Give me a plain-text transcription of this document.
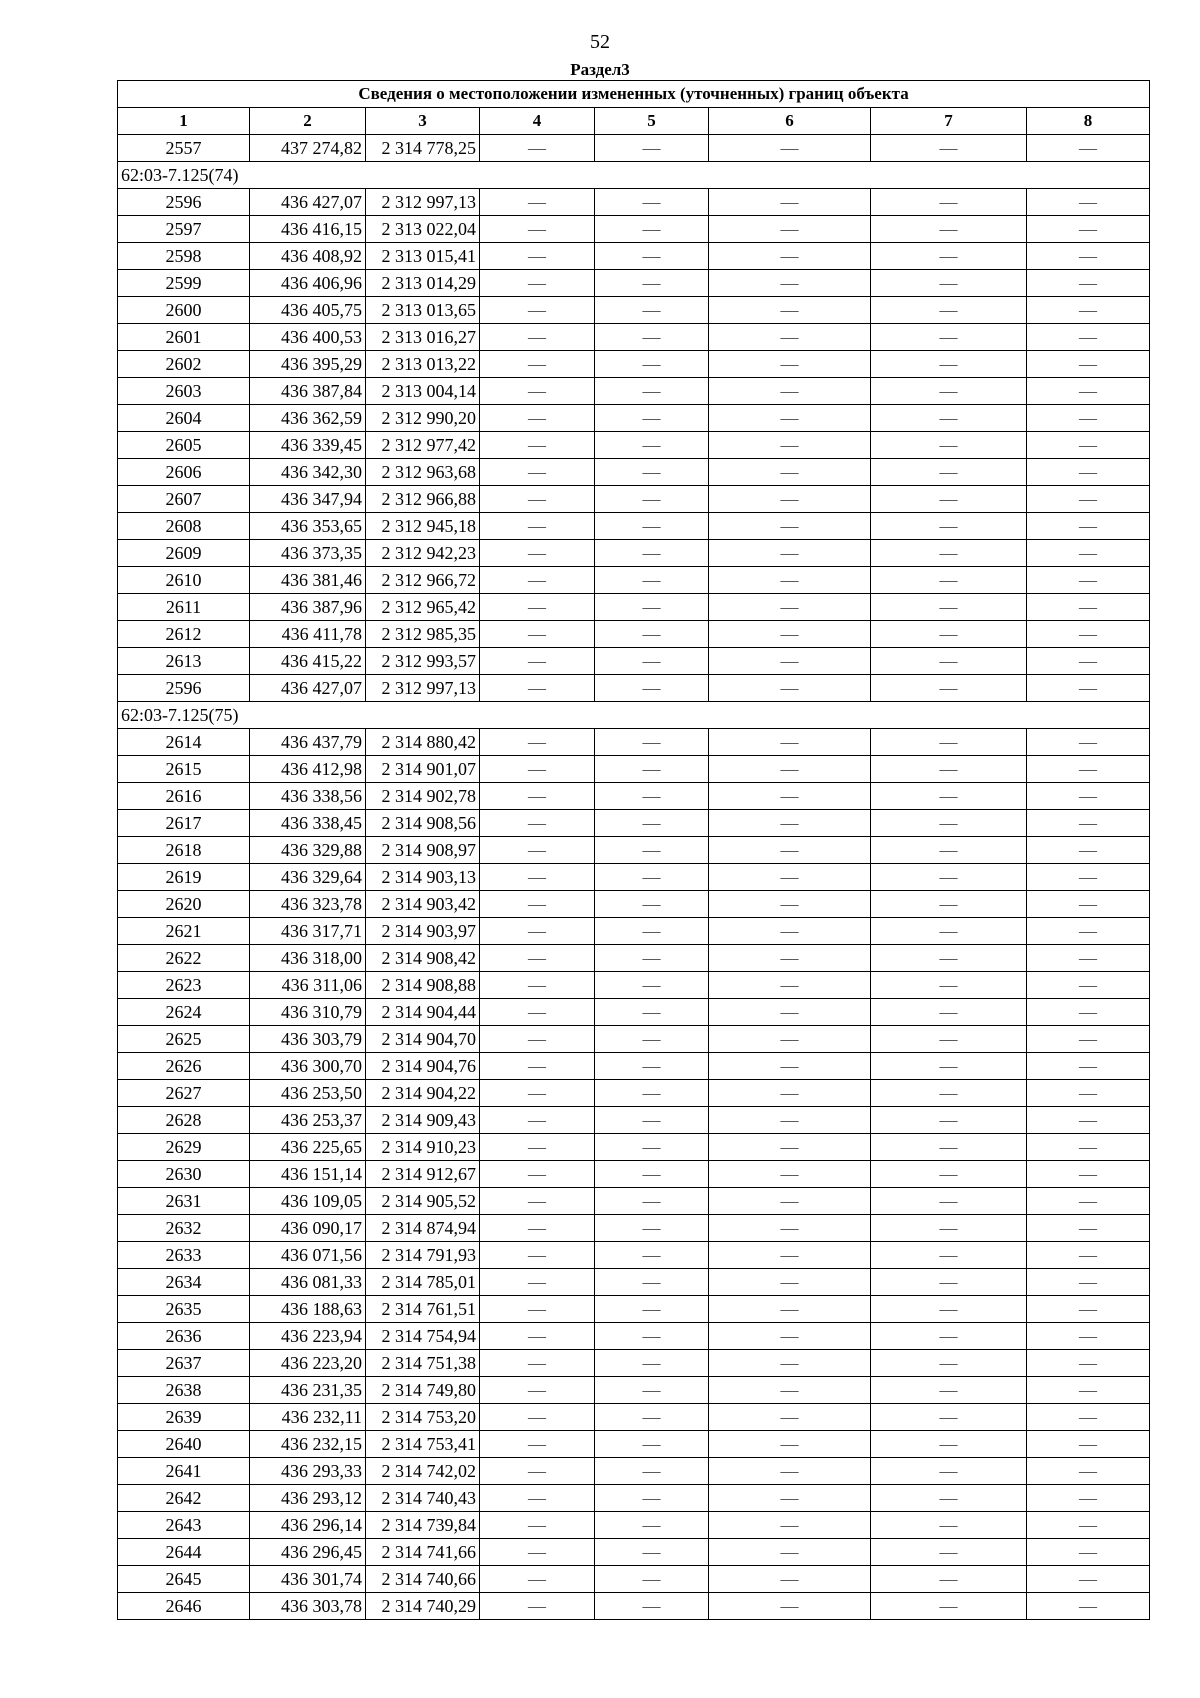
52
Раздел3
Сведения о местоположении измененных (уточненных) границ объекта							
1	2	3	4	5	6	7	8
2557	437 274,82	2 314 778,25	—	—	—	—	—
62:03-7.125(74)							
2596	436 427,07	2 312 997,13	—	—	—	—	—
2597	436 416,15	2 313 022,04	—	—	—	—	—
2598	436 408,92	2 313 015,41	—	—	—	—	—
2599	436 406,96	2 313 014,29	—	—	—	—	—
2600	436 405,75	2 313 013,65	—	—	—	—	—
2601	436 400,53	2 313 016,27	—	—	—	—	—
2602	436 395,29	2 313 013,22	—	—	—	—	—
2603	436 387,84	2 313 004,14	—	—	—	—	—
2604	436 362,59	2 312 990,20	—	—	—	—	—
2605	436 339,45	2 312 977,42	—	—	—	—	—
2606	436 342,30	2 312 963,68	—	—	—	—	—
2607	436 347,94	2 312 966,88	—	—	—	—	—
2608	436 353,65	2 312 945,18	—	—	—	—	—
2609	436 373,35	2 312 942,23	—	—	—	—	—
2610	436 381,46	2 312 966,72	—	—	—	—	—
2611	436 387,96	2 312 965,42	—	—	—	—	—
2612	436 411,78	2 312 985,35	—	—	—	—	—
2613	436 415,22	2 312 993,57	—	—	—	—	—
2596	436 427,07	2 312 997,13	—	—	—	—	—
62:03-7.125(75)							
2614	436 437,79	2 314 880,42	—	—	—	—	—
2615	436 412,98	2 314 901,07	—	—	—	—	—
2616	436 338,56	2 314 902,78	—	—	—	—	—
2617	436 338,45	2 314 908,56	—	—	—	—	—
2618	436 329,88	2 314 908,97	—	—	—	—	—
2619	436 329,64	2 314 903,13	—	—	—	—	—
2620	436 323,78	2 314 903,42	—	—	—	—	—
2621	436 317,71	2 314 903,97	—	—	—	—	—
2622	436 318,00	2 314 908,42	—	—	—	—	—
2623	436 311,06	2 314 908,88	—	—	—	—	—
2624	436 310,79	2 314 904,44	—	—	—	—	—
2625	436 303,79	2 314 904,70	—	—	—	—	—
2626	436 300,70	2 314 904,76	—	—	—	—	—
2627	436 253,50	2 314 904,22	—	—	—	—	—
2628	436 253,37	2 314 909,43	—	—	—	—	—
2629	436 225,65	2 314 910,23	—	—	—	—	—
2630	436 151,14	2 314 912,67	—	—	—	—	—
2631	436 109,05	2 314 905,52	—	—	—	—	—
2632	436 090,17	2 314 874,94	—	—	—	—	—
2633	436 071,56	2 314 791,93	—	—	—	—	—
2634	436 081,33	2 314 785,01	—	—	—	—	—
2635	436 188,63	2 314 761,51	—	—	—	—	—
2636	436 223,94	2 314 754,94	—	—	—	—	—
2637	436 223,20	2 314 751,38	—	—	—	—	—
2638	436 231,35	2 314 749,80	—	—	—	—	—
2639	436 232,11	2 314 753,20	—	—	—	—	—
2640	436 232,15	2 314 753,41	—	—	—	—	—
2641	436 293,33	2 314 742,02	—	—	—	—	—
2642	436 293,12	2 314 740,43	—	—	—	—	—
2643	436 296,14	2 314 739,84	—	—	—	—	—
2644	436 296,45	2 314 741,66	—	—	—	—	—
2645	436 301,74	2 314 740,66	—	—	—	—	—
2646	436 303,78	2 314 740,29	—	—	—	—	—
